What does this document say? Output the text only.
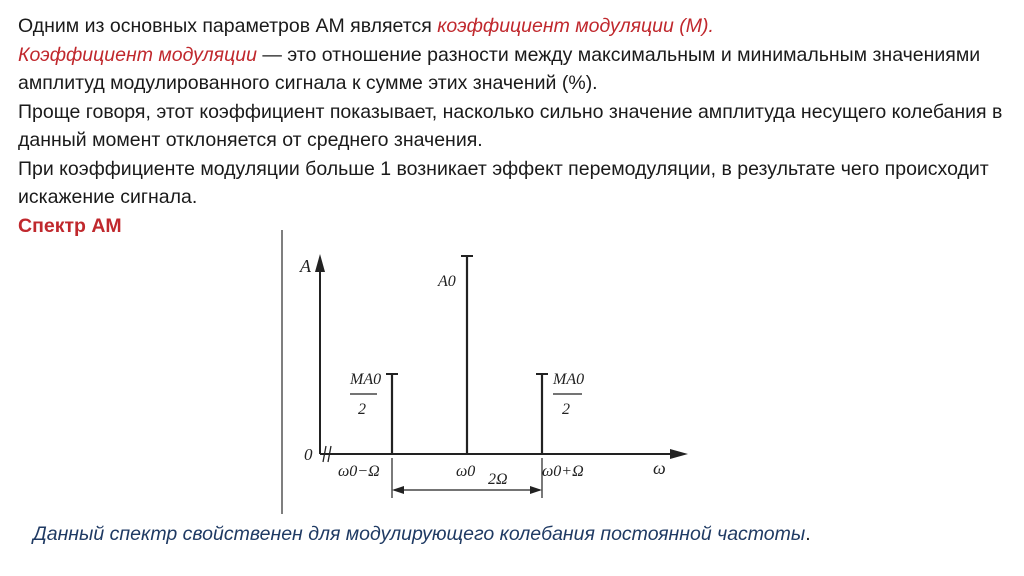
Одним из основных параметров АМ является коэффициент модуляции (М).

Коэффициент модуляции — это отношение разности между максимальным и минимальным значениями амплитуд модулированного сигнала к сумме этих значений (%).

Проще говоря, этот коэффициент показывает, насколько сильно значение амплитуда несущего колебания в данный момент отклоняется от среднего значения.

При коэффициенте модуляции больше 1 возникает эффект перемодуляции, в результате чего происходит искажение сигнала.

Спектр АМ

A
ω
0
MA0
2
A0
MA0
2
ω0−Ω	ω0	ω0+Ω
2Ω
Данный спектр свойственен для модулирующего колебания постоянной частоты.
